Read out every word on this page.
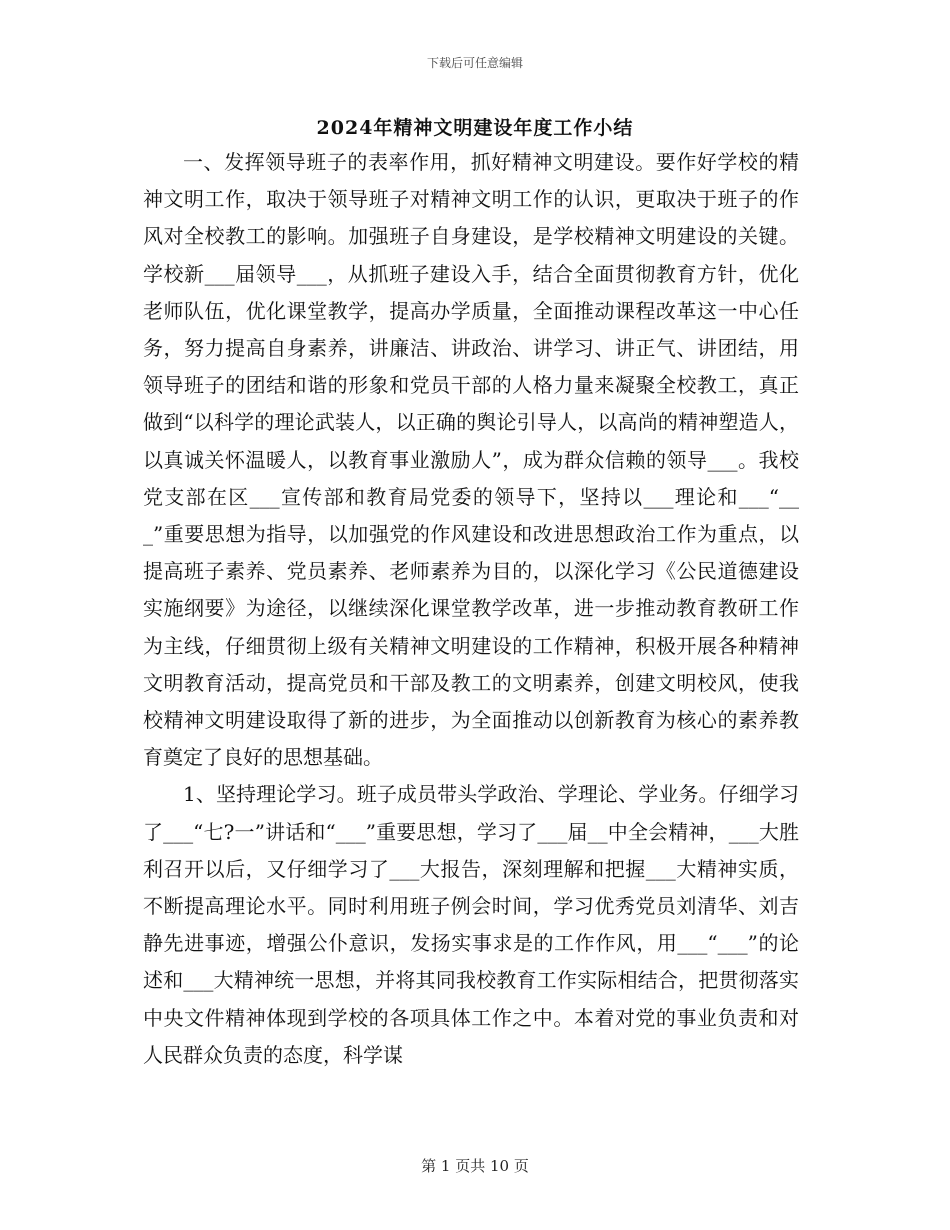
下载后可任意编辑
2024年精神文明建设年度工作小结

一、发挥领导班子的表率作用，抓好精神文明建设。要作好学校的精神文明工作，取决于领导班子对精神文明工作的认识，更取决于班子的作风对全校教工的影响。加强班子自身建设，是学校精神文明建设的关键。学校新___届领导___，从抓班子建设入手，结合全面贯彻教育方针，优化老师队伍，优化课堂教学，提高办学质量，全面推动课程改革这一中心任务，努力提高自身素养，讲廉洁、讲政治、讲学习、讲正气、讲团结，用领导班子的团结和谐的形象和党员干部的人格力量来凝聚全校教工，真正做到“以科学的理论武装人，以正确的舆论引导人，以高尚的精神塑造人，以真诚关怀温暖人，以教育事业激励人”，成为群众信赖的领导___。我校党支部在区___宣传部和教育局党委的领导下，坚持以___理论和___“___”重要思想为指导，以加强党的作风建设和改进思想政治工作为重点，以提高班子素养、党员素养、老师素养为目的，以深化学习《公民道德建设实施纲要》为途径，以继续深化课堂教学改革，进一步推动教育教研工作为主线，仔细贯彻上级有关精神文明建设的工作精神，积极开展各种精神文明教育活动，提高党员和干部及教工的文明素养，创建文明校风，使我校精神文明建设取得了新的进步，为全面推动以创新教育为核心的素养教育奠定了良好的思想基础。

1、坚持理论学习。班子成员带头学政治、学理论、学业务。仔细学习了___“七?一”讲话和“___”重要思想，学习了___届__中全会精神，___大胜利召开以后，又仔细学习了___大报告，深刻理解和把握___大精神实质，不断提高理论水平。同时利用班子例会时间，学习优秀党员刘清华、刘吉静先进事迹，增强公仆意识，发扬实事求是的工作作风，用___“___”的论述和___大精神统一思想，并将其同我校教育工作实际相结合，把贯彻落实中央文件精神体现到学校的各项具体工作之中。本着对党的事业负责和对人民群众负责的态度，科学谋

第 1 页共 10 页
